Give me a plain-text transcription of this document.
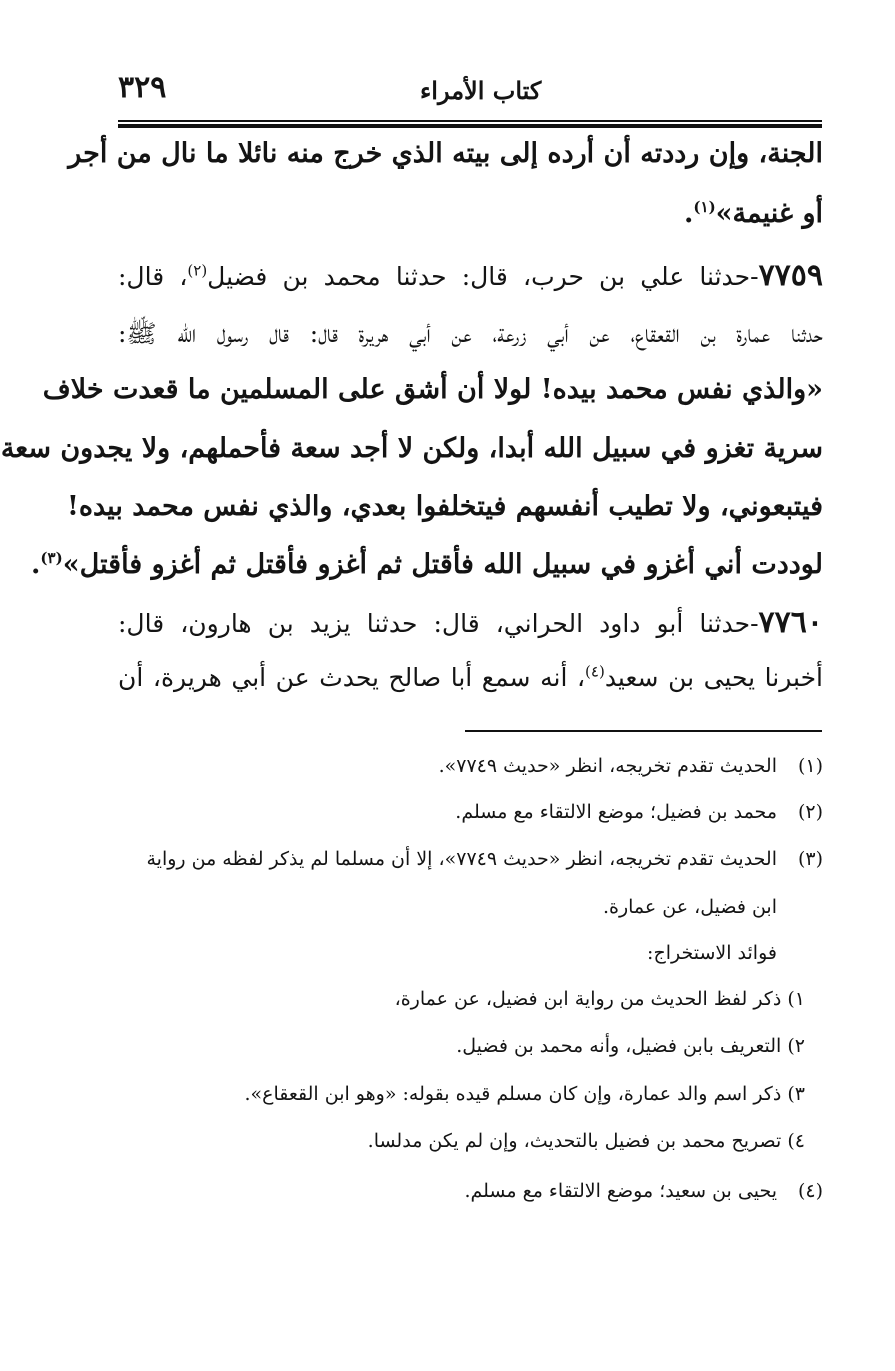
٣٢٩	كتاب الأمراء
الجنة، وإن رددته أن أرده إلى بيته الذي خرج منه نائلا ما نال من أجر
أو غنيمة»$^{(١)}$.
٧٧٥٩-حدثنا علي بن حرب، قال: حدثنا محمد بن فضيل$^{(٢)}$، قال:
حدثنا عمارة بن القعقاع، عن أبي زرعة، عن أبي هريرة قال: قال رسول الله ﷺ:
«والذي نفس محمد بيده! لولا أن أشق على المسلمين ما قعدت خلاف
سرية تغزو في سبيل الله أبدا، ولكن لا أجد سعة فأحملهم، ولا يجدون سعة
فيتبعوني، ولا تطيب أنفسهم فيتخلفوا بعدي، والذي نفس محمد بيده!
لوددت أني أغزو في سبيل الله فأقتل ثم أغزو فأقتل ثم أغزو فأقتل»$^{(٣)}$.
٧٧٦٠-حدثنا أبو داود الحراني، قال: حدثنا يزيد بن هارون، قال:
أخبرنا يحيى بن سعيد$^{(٤)}$، أنه سمع أبا صالح يحدث عن أبي هريرة، أن
(١)الحديث تقدم تخريجه، انظر «حديث ٧٧٤٩».
(٢)محمد بن فضيل؛ موضع الالتقاء مع مسلم.
(٣)الحديث تقدم تخريجه، انظر «حديث ٧٧٤٩»، إلا أن مسلما لم يذكر لفظه من رواية
ابن فضيل، عن عمارة.
فوائد الاستخراج:
١) ذكر لفظ الحديث من رواية ابن فضيل، عن عمارة،
٢) التعريف بابن فضيل، وأنه محمد بن فضيل.
٣) ذكر اسم والد عمارة، وإن كان مسلم قيده بقوله: «وهو ابن القعقاع».
٤) تصريح محمد بن فضيل بالتحديث، وإن لم يكن مدلسا.
(٤)يحيى بن سعيد؛ موضع الالتقاء مع مسلم.
